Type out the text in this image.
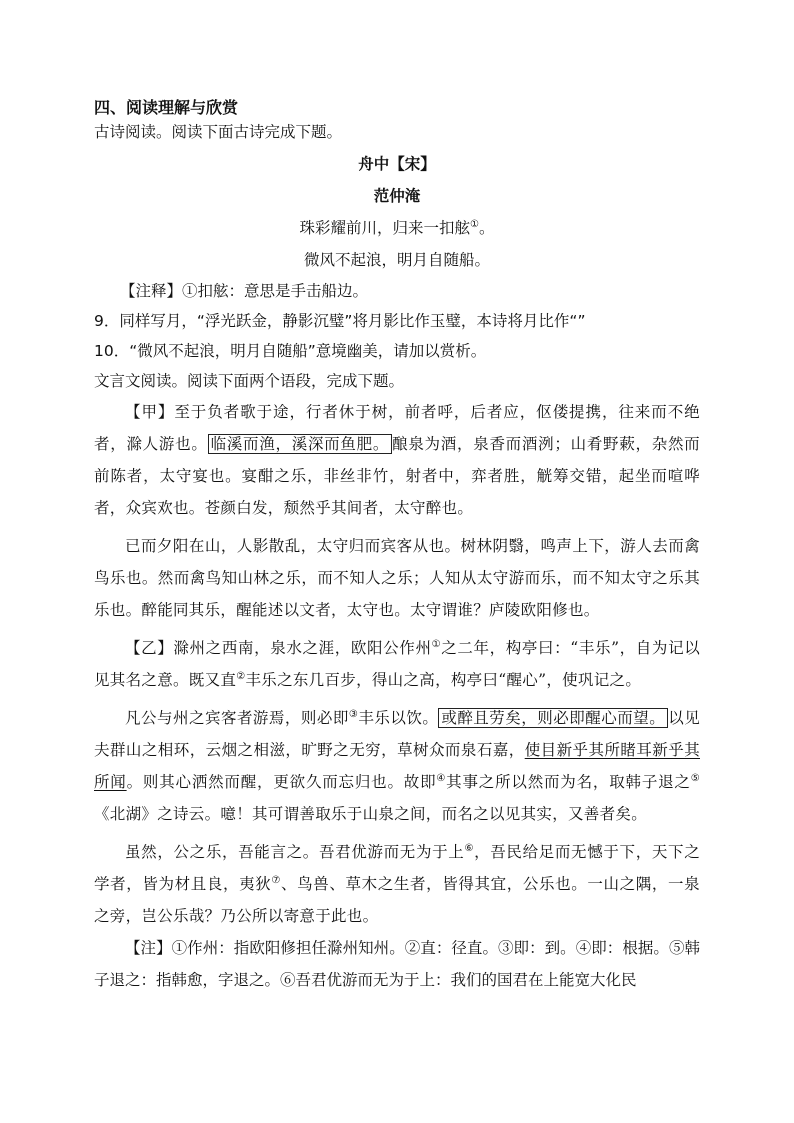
四、阅读理解与欣赏

古诗阅读。阅读下面古诗完成下题。

舟中【宋】

范仲淹

珠彩耀前川，归来一扣舷①。

微风不起浪，明月自随船。

【注释】①扣舷：意思是手击船边。

9．同样写月，“浮光跃金，静影沉璧”将月影比作玉璧，本诗将月比作“”

10．“微风不起浪，明月自随船”意境幽美，请加以赏析。

文言文阅读。阅读下面两个语段，完成下题。

【甲】至于负者歌于途，行者休于树，前者呼，后者应，伛偻提携，往来而不绝者，滁人游也。 临溪而渔，溪深而鱼肥。 酿泉为酒，泉香而酒洌；山肴野蔌，杂然而前陈者，太守宴也。宴酣之乐，非丝非竹，射者中，弈者胜，觥筹交错，起坐而喧哗者，众宾欢也。苍颜白发，颓然乎其间者，太守醉也。

已而夕阳在山，人影散乱，太守归而宾客从也。树林阴翳，鸣声上下，游人去而禽鸟乐也。然而禽鸟知山林之乐，而不知人之乐；人知从太守游而乐，而不知太守之乐其乐也。醉能同其乐，醒能述以文者，太守也。太守谓谁？庐陵欧阳修也。

【乙】滁州之西南，泉水之涯，欧阳公作州①之二年，构亭曰：“丰乐”，自为记以见其名之意。既又直②丰乐之东几百步，得山之高，构亭曰“醒心”，使巩记之。

凡公与州之宾客者游焉，则必即③丰乐以饮。 或醉且劳矣，则必即醒心而望。 以见夫群山之相环，云烟之相滋，旷野之无穷，草树众而泉石嘉，使目新乎其所睹耳新乎其所闻。则其心洒然而醒，更欲久而忘归也。故即④其事之所以然而为名，取韩子退之⑤《北湖》之诗云。噫！其可谓善取乐于山泉之间，而名之以见其实，又善者矣。

虽然，公之乐，吾能言之。吾君优游而无为于上⑥，吾民给足而无憾于下，天下之学者，皆为材且良，夷狄⑦、鸟兽、草木之生者，皆得其宜，公乐也。一山之隅，一泉之旁，岂公乐哉？乃公所以寄意于此也。

【注】①作州：指欧阳修担任滁州知州。②直：径直。③即：到。④即：根据。⑤韩子退之：指韩愈，字退之。⑥吾君优游而无为于上：我们的国君在上能宽大化民
